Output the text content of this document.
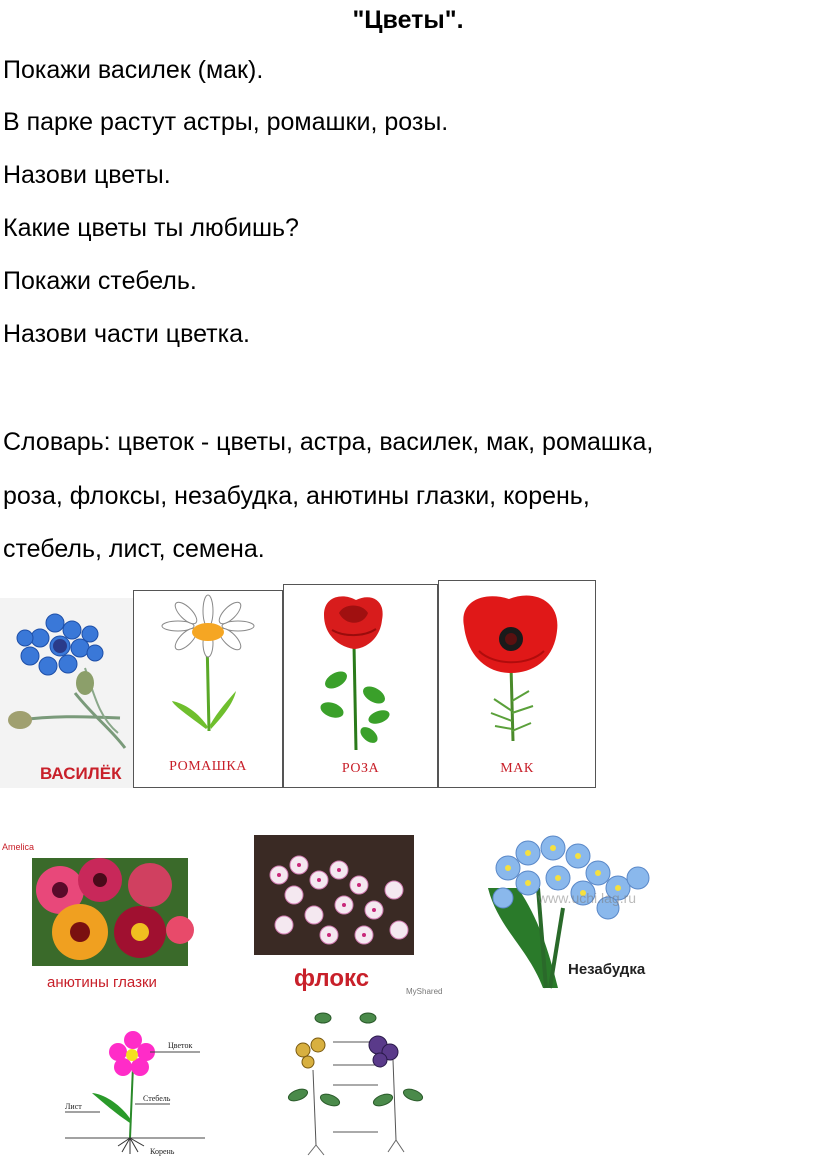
"Цветы".
Покажи василек (мак).
В парке растут астры, ромашки, розы.
Назови цветы.
Какие цветы ты любишь?
Покажи стебель.
Назови части цветка.
Словарь: цветок - цветы, астра, василек, мак, ромашка,
роза, флоксы, незабудка, анютины глазки, корень,
стебель, лист, семена.
ВАСИЛЁК	РОМАШКА	РОЗА	МАК
Amelica
анютины глазки	флокс	MyShared
www.uchi.lag.ru
Незабудка
Цветок
Стебель
Лист
Корень
